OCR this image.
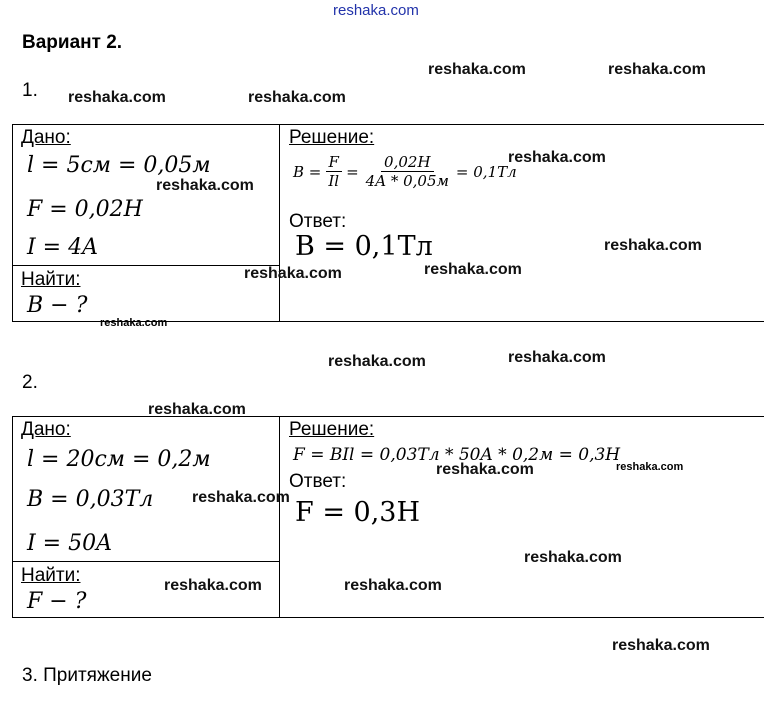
reshaka.com
Вариант 2.
1.
Дано:
l = 5см = 0,05м
F = 0,02H
I = 4A
Найти:
B − ?
Решение:
$B = \frac{F}{Il} = \frac{0,02H}{4A * 0,05м} = 0,1Тл$
Ответ:
B = 0,1Тл
2.
Дано:
l = 20см = 0,2м
B = 0,03Тл
I = 50A
Найти:
F − ?
Решение:
F = BIl = 0,03Тл * 50A * 0,2м = 0,3H
Ответ:
F = 0,3H
3. Притяжение
reshaka.com	reshaka.com
reshaka.com	reshaka.com
reshaka.com
reshaka.com
reshaka.com
reshaka.com
reshaka.com
reshaka.com
reshaka.com
reshaka.com
reshaka.com
reshaka.com	reshaka.com
reshaka.com
reshaka.com
reshaka.com	reshaka.com
reshaka.com
